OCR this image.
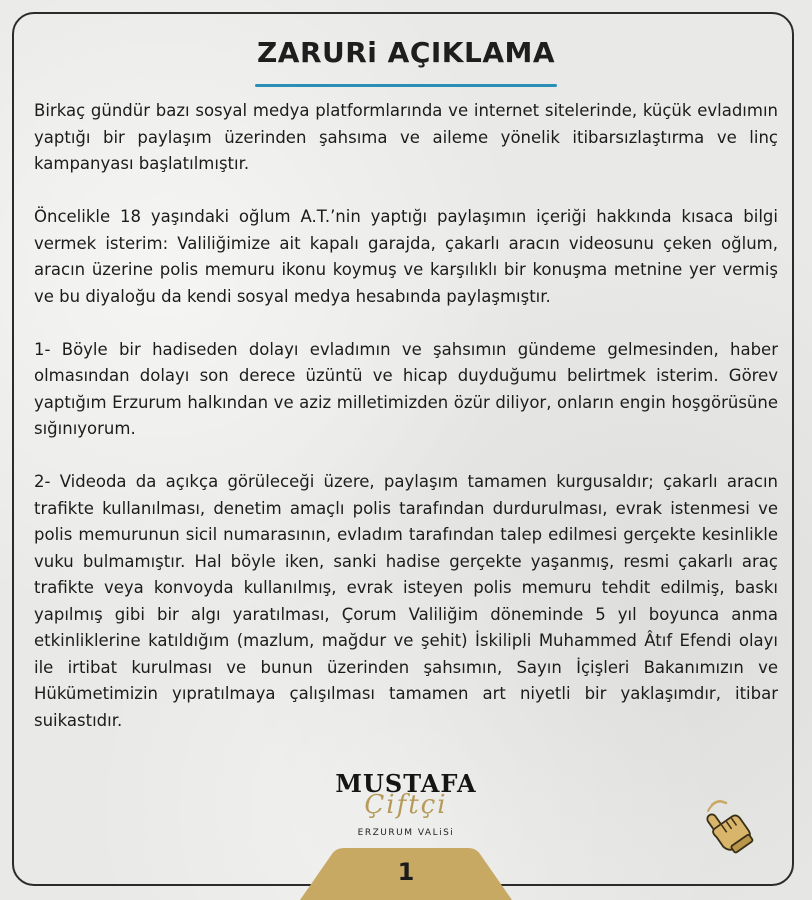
ZARURi AÇIKLAMA

Birkaç gündür bazı sosyal medya platformlarında ve internet sitelerinde, küçük evladımın yaptığı bir paylaşım üzerinden şahsıma ve aileme yönelik itibarsızlaştırma ve linç kampanyası başlatılmıştır.

Öncelikle 18 yaşındaki oğlum A.T.’nin yaptığı paylaşımın içeriği hakkında kısaca bilgi vermek isterim: Valiliğimize ait kapalı garajda, çakarlı aracın videosunu çeken oğlum, aracın üzerine polis memuru ikonu koymuş ve karşılıklı bir konuşma metnine yer vermiş ve bu diyaloğu da kendi sosyal medya hesabında paylaşmıştır.

1- Böyle bir hadiseden dolayı evladımın ve şahsımın gündeme gelmesinden, haber olmasından dolayı son derece üzüntü ve hicap duyduğumu belirtmek isterim. Görev yaptığım Erzurum halkından ve aziz milletimizden özür diliyor, onların engin hoşgörüsüne sığınıyorum.

2- Videoda da açıkça görüleceği üzere, paylaşım tamamen kurgusaldır; çakarlı aracın trafikte kullanılması, denetim amaçlı polis tarafından durdurulması, evrak istenmesi ve polis memurunun sicil numarasının, evladım tarafından talep edilmesi gerçekte kesinlikle vuku bulmamıştır. Hal böyle iken, sanki hadise gerçekte yaşanmış, resmi çakarlı araç trafikte veya konvoyda kullanılmış, evrak isteyen polis memuru tehdit edilmiş, baskı yapılmış gibi bir algı yaratılması, Çorum Valiliğim döneminde 5 yıl boyunca anma etkinliklerine katıldığım (mazlum, mağdur ve şehit) İskilipli Muhammed Âtıf Efendi olayı ile irtibat kurulması ve bunun üzerinden şahsımın, Sayın İçişleri Bakanımızın ve Hükümetimizin yıpratılmaya çalışılması tamamen art niyetli bir yaklaşımdır, itibar suikastıdır.

MUSTAFA
Çiftçi
ERZURUM VALiSi
1
